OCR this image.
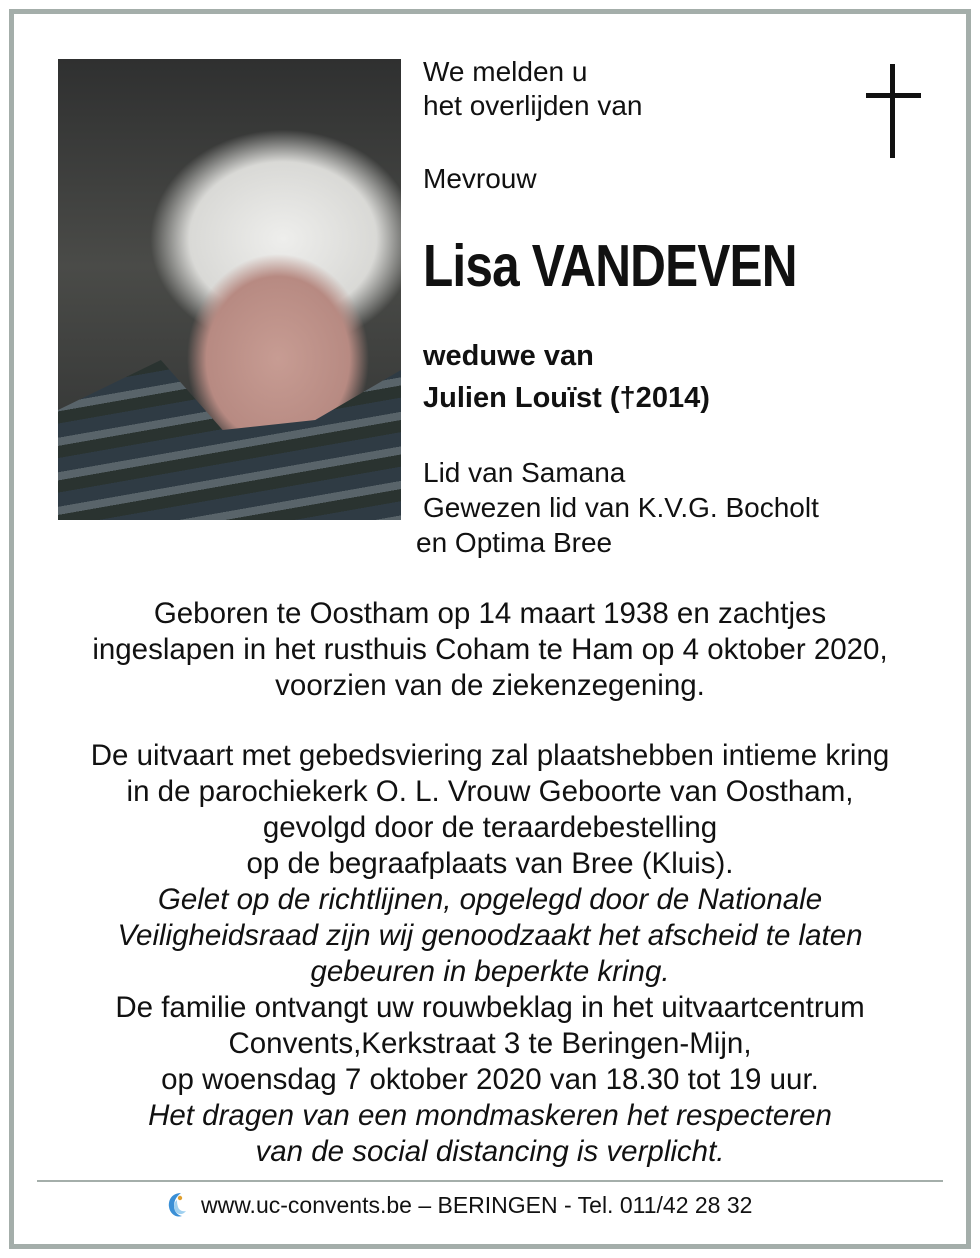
We melden u
het overlijden van
Mevrouw
Lisa VANDEVEN
weduwe van
Julien Louïst (†2014)
Lid van Samana
Gewezen lid van K.V.G. Bocholt
en Optima Bree

Geboren te Oostham op 14 maart 1938 en zachtjes

ingeslapen in het rusthuis Coham te Ham op 4 oktober 2020,

voorzien van de ziekenzegening.

De uitvaart met gebedsviering zal plaatshebben intieme kring

in de parochiekerk O. L. Vrouw Geboorte van Oostham,

gevolgd door de teraardebestelling

op de begraafplaats van Bree (Kluis).

Gelet op de richtlijnen, opgelegd door de Nationale

Veiligheidsraad zijn wij genoodzaakt het afscheid te laten

gebeuren in beperkte kring.

De familie ontvangt uw rouwbeklag in het uitvaartcentrum

Convents,Kerkstraat 3 te Beringen-Mijn,

op woensdag 7 oktober 2020 van 18.30 tot 19 uur.

Het dragen van een mondmaskeren het respecteren

van de social distancing is verplicht.

www.uc-convents.be – BERINGEN - Tel. 011/42 28 32
